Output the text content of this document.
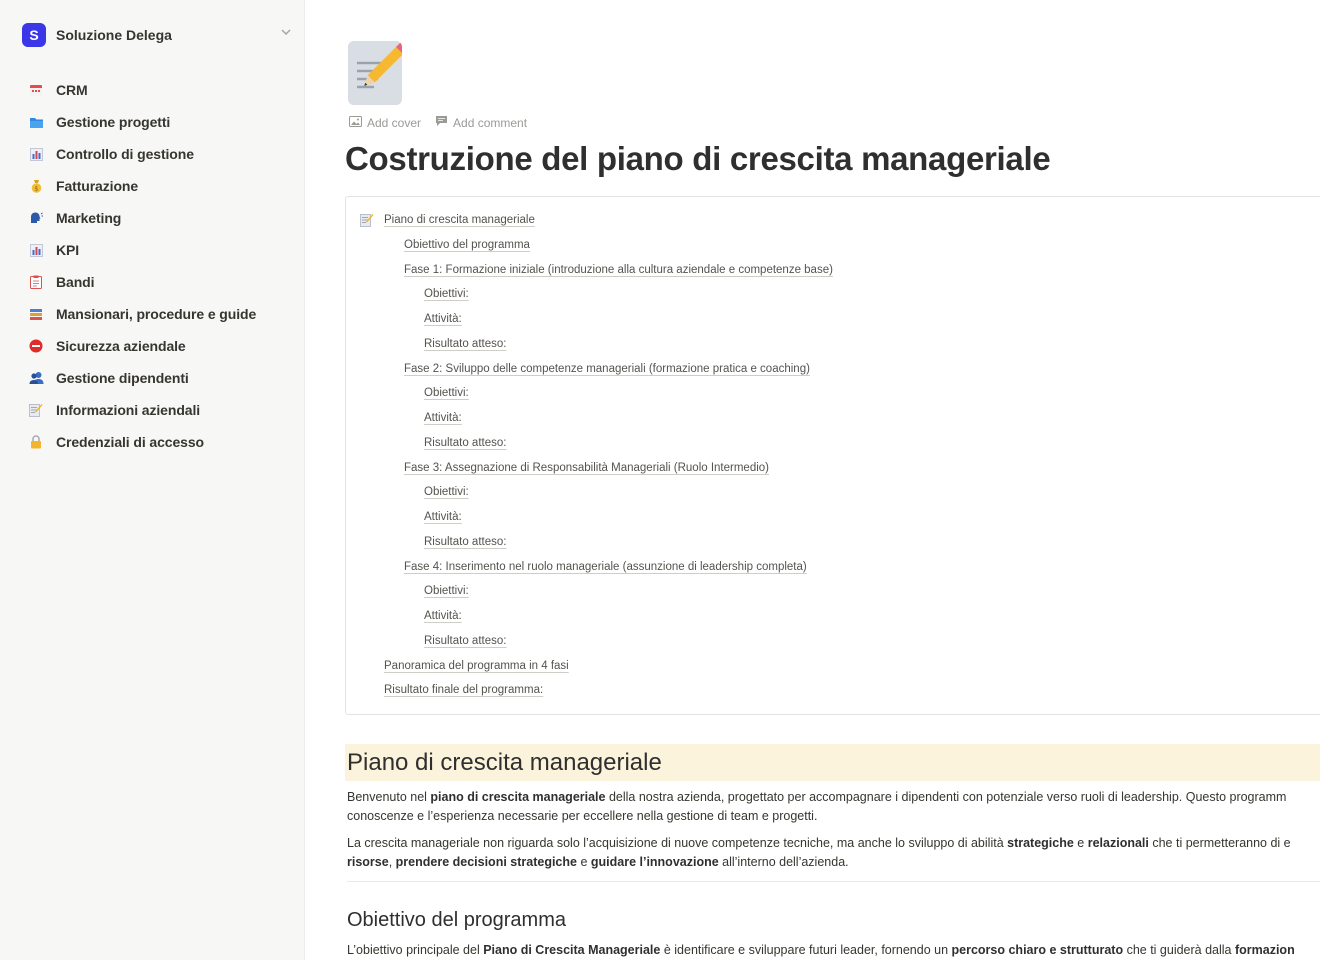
S	Soluzione Delega
CRM
Gestione progetti
Controllo di gestione
$ Fatturazione
Marketing
KPI
Bandi
Mansionari, procedure e guide
Sicurezza aziendale
Gestione dipendenti
Informazioni aziendali
Credenziali di accesso
Add cover	Add comment
Costruzione del piano di crescita manageriale
Piano di crescita manageriale
Obiettivo del programma
Fase 1: Formazione iniziale (introduzione alla cultura aziendale e competenze base)
Obiettivi:
Attività:
Risultato atteso:
Fase 2: Sviluppo delle competenze manageriali (formazione pratica e coaching)
Obiettivi:
Attività:
Risultato atteso:
Fase 3: Assegnazione di Responsabilità Manageriali (Ruolo Intermedio)
Obiettivi:
Attività:
Risultato atteso:
Fase 4: Inserimento nel ruolo manageriale (assunzione di leadership completa)
Obiettivi:
Attività:
Risultato atteso:
Panoramica del programma in 4 fasi
Risultato finale del programma:
Piano di crescita manageriale
Benvenuto nel piano di crescita manageriale della nostra azienda, progettato per accompagnare i dipendenti con potenziale verso ruoli di leadership. Questo programm
conoscenze e l’esperienza necessarie per eccellere nella gestione di team e progetti.
La crescita manageriale non riguarda solo l’acquisizione di nuove competenze tecniche, ma anche lo sviluppo di abilità strategiche e relazionali che ti permetteranno di e
risorse, prendere decisioni strategiche e guidare l’innovazione all’interno dell’azienda.
Obiettivo del programma
L’obiettivo principale del Piano di Crescita Manageriale è identificare e sviluppare futuri leader, fornendo un percorso chiaro e strutturato che ti guiderà dalla formazion
